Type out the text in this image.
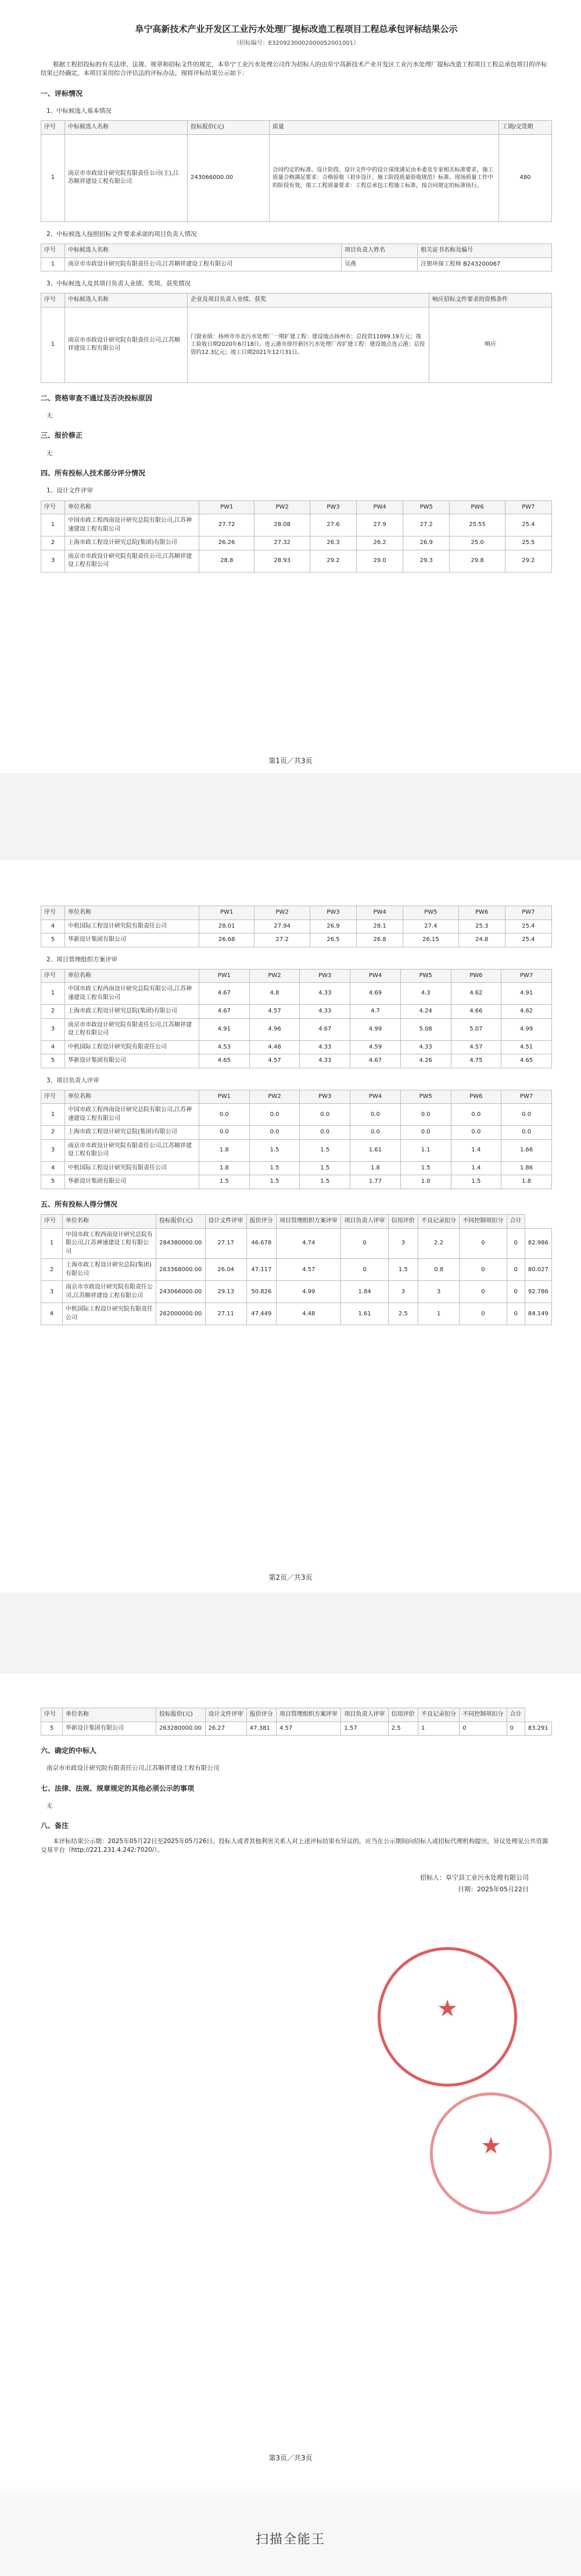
阜宁高新技术产业开发区工业污水处理厂提标改造工程项目工程总承包评标结果公示
（招标编号：E3209230002000052001001）
根据工程招投标的有关法律、法规、规章和招标文件的规定，本阜宁工业污水处理公司作为招标人的由阜宁高新技术产业开发区工业污水处理厂提标改造工程项目工程总承包项目的评标结果已经确定，本项目采用综合评估法的评标办法，现将评标结果公示如下：
一、评标情况
1、中标候选人基本情况
序号	中标候选人名称	投标报价(元)	质量	工期/交货期
1	南京市市政设计研究院有限责任公司(主),江苏顺祥建设工程有限公司	243066000.00	合同约定的标准。设计阶段、设计文件中的设计深度满足由本委及专家相关标准要求，施工质量合格满足要求：合格验收（初步设计、施工阶段质量验收规范）标准。现场质量工作中的阶段有效，竣工工程质量要求：工程总承包工程施工标准，按合同规定的标准执行。	480
2、中标候选人按照招标文件要求承诺的项目负责人情况
序号	中标候选人名称	项目负责人姓名	相关证书名称及编号
1	南京市市政设计研究院有限责任公司,江苏顺祥建设工程有限公司	吴燕	注册环保工程师 B243200067
3、中标候选人及其项目负责人业绩、奖项、获奖情况
序号	中标候选人名称	企业及项目负责人业绩、获奖	响应招标文件要求的资格条件
1	南京市市政设计研究院有限责任公司,江苏顺祥建设工程有限公司	门窗业绩：扬州市市北污水处理厂一期扩建工程：建设地点扬州市；总投资11099.19万元；竣工验收日期2020年6月18日。连云港市徐圩新区污水处理厂改扩建工程：建设地点连云港；总投资约12.3亿元；竣工日期2021年12月31日。	响应
二、资格审查不通过及否决投标原因
无
三、报价修正
无
四、所有投标人技术部分评分情况
1、设计文件评审
序号	单位名称	PW1	PW2	PW3	PW4	PW5	PW6	PW7
1	中国市政工程西南设计研究总院有限公司,江苏神速建设工程有限公司	27.72	28.08	27.6	27.9	27.2	25.55	25.4
2	上海市政工程设计研究总院(集团)有限公司	26.26	27.32	26.3	26.2	26.9	25.0	25.5
3	南京市市政设计研究院有限责任公司,江苏顺祥建设工程有限公司	28.8	28.93	29.2	29.0	29.3	29.8	29.2
第1页／共3页
序号	单位名称	PW1	PW2	PW3	PW4	PW5	PW6	PW7
4	中机国际工程设计研究院有限责任公司	28.01	27.94	26.9	28.1	27.4	25.3	25.4
5	华新设计集团有限公司	26.68	27.2	26.5	26.8	26.15	24.8	25.4
2、项目管理组织方案评审
序号	单位名称	PW1	PW2	PW3	PW4	PW5	PW6	PW7
1	中国市政工程西南设计研究总院有限公司,江苏神速建设工程有限公司	4.67	4.8	4.33	4.69	4.3	4.62	4.91
2	上海市政工程设计研究总院(集团)有限公司	4.67	4.57	4.33	4.7	4.24	4.66	4.62
3	南京市市政设计研究院有限责任公司,江苏顺祥建设工程有限公司	4.91	4.96	4.67	4.99	5.08	5.07	4.99
4	中机国际工程设计研究院有限责任公司	4.53	4.48	4.33	4.59	4.33	4.57	4.51
5	华新设计集团有限公司	4.65	4.57	4.33	4.67	4.26	4.75	4.65
3、项目负责人评审
序号	单位名称	PW1	PW2	PW3	PW4	PW5	PW6	PW7
1	中国市政工程西南设计研究总院有限公司,江苏神速建设工程有限公司	0.0	0.0	0.0	0.0	0.0	0.0	0.0
2	上海市政工程设计研究总院(集团)有限公司	0.0	0.0	0.0	0.0	0.0	0.0	0.0
3	南京市市政设计研究院有限责任公司,江苏顺祥建设工程有限公司	1.8	1.5	1.5	1.61	1.1	1.4	1.66
4	中机国际工程设计研究院有限责任公司	1.8	1.5	1.5	1.8	1.5	1.4	1.86
5	华新设计集团有限公司	1.5	1.5	1.5	1.77	1.0	1.5	1.8
五、所有投标人得分情况
序号	单位名称	投标报价(元)	设计文件评审	报价评分	项目管理组织方案评审	项目负责人评审	信用评价	不良记录扣分	不同控制项扣分	合计	
1	中国市政工程西南设计研究总院有限公司,江苏神速建设工程有限公司	284380000.00	27.17	46.678	4.74	0	3	2.2	0	0	82.986
2	上海市政工程设计研究总院(集团)有限公司	263368000.00	26.04	47.117	4.57	0	1.5	0.8	0	0	80.027
3	南京市市政设计研究院有限责任公司,江苏顺祥建设工程有限公司	243066000.00	29.13	50.826	4.99	1.84	3	3	0	0	92.786
4	中机国际工程设计研究院有限责任公司	262000000.00	27.11	47.449	4.48	1.61	2.5	1	0	0	84.149
第2页／共3页
序号	单位名称	投标报价(元)	设计文件评审	报价评分	项目管理组织方案评审	项目负责人评审	信用评价	不良记录扣分	不同控制项扣分	合计	
5	华新设计集团有限公司	263280000.00	26.27	47.381	4.57	1.57	2.5	1	0	0	83.291
六、确定的中标人
南京市市政设计研究院有限责任公司,江苏顺祥建设工程有限公司
七、法律、法规、规章规定的其他必须公示的事项
无
八、备注
本评标结果公示期：2025年05月22日至2025年05月26日。投标人或者其他利害关系人对上述评标结果有异议的，应当在公示期间向招标人或招标代理机构提出，异议处理见公共资源交易平台（http://221.231.4.242:7020/）。
招标人：阜宁县工业污水处理有限公司
日期：2025年05月22日
★
★
第3页／共3页
扫描全能王
